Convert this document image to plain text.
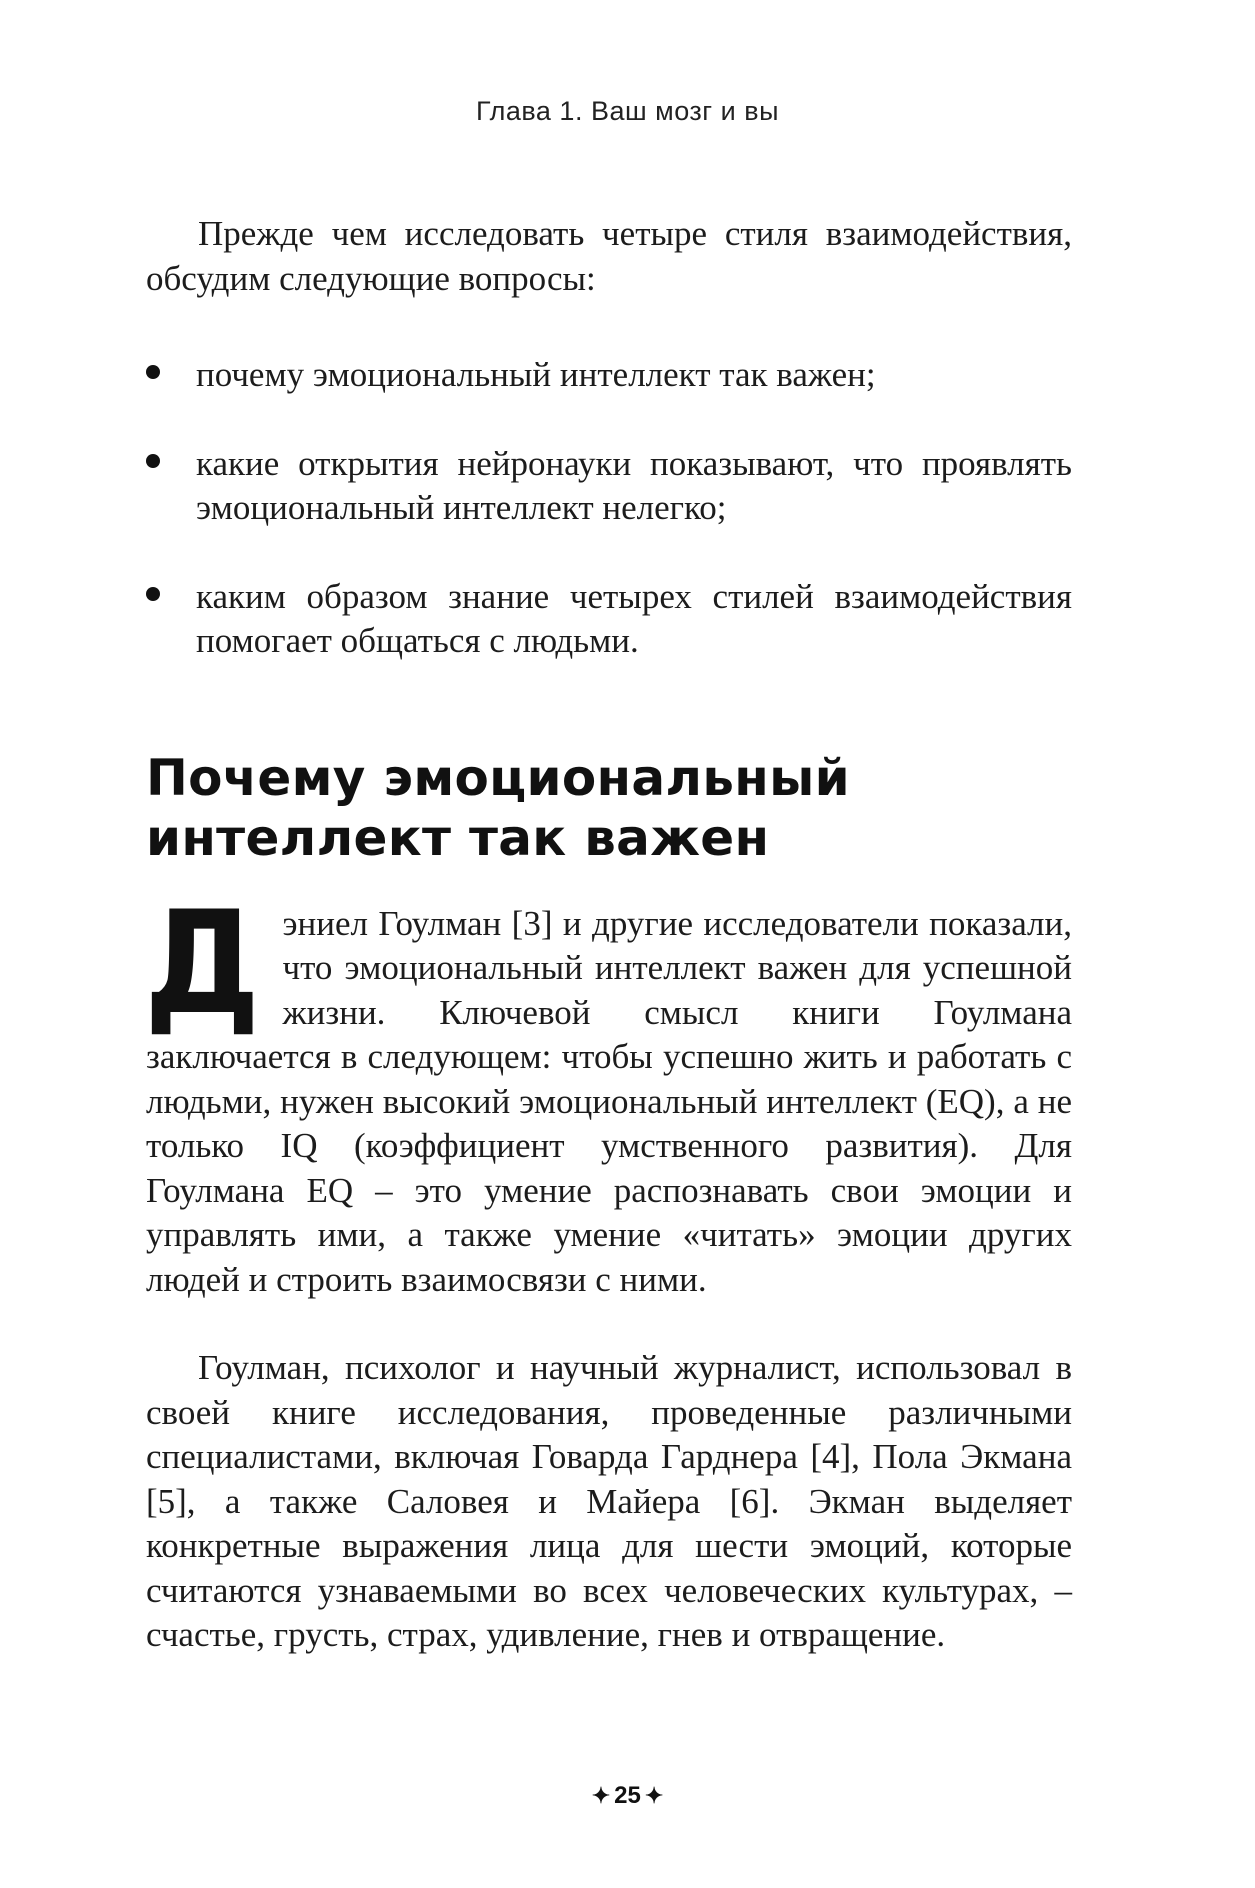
Глава 1. Ваш мозг и вы

Прежде чем исследовать четыре стиля взаимодействия, обсудим следующие вопросы:

почему эмоциональный интеллект так важен;
какие открытия нейронауки показывают, что проявлять эмоциональный интеллект нелегко;
каким образом знание четырех стилей взаимодействия помогает общаться с людьми.
Почему эмоциональный
интеллект так важен

Д эниел Гоулман [3] и другие исследователи показали, что эмоциональный интеллект важен для успешной жизни. Ключевой смысл книги Гоулмана заключается в следующем: чтобы успешно жить и работать с людьми, нужен высокий эмоциональный интеллект (EQ), а не только IQ (коэффициент умственного развития). Для Гоулмана EQ – это умение распознавать свои эмоции и управлять ими, а также умение «читать» эмоции других людей и строить взаимосвязи с ними.

Гоулман, психолог и научный журналист, использовал в своей книге исследования, проведенные различными специалистами, включая Говарда Гарднера [4], Пола Экмана [5], а также Саловея и Майера [6]. Экман выделяет конкретные выражения лица для шести эмоций, которые считаются узнаваемыми во всех человеческих культурах, – счастье, грусть, страх, удивление, гнев и отвращение.

✦ 25 ✦
